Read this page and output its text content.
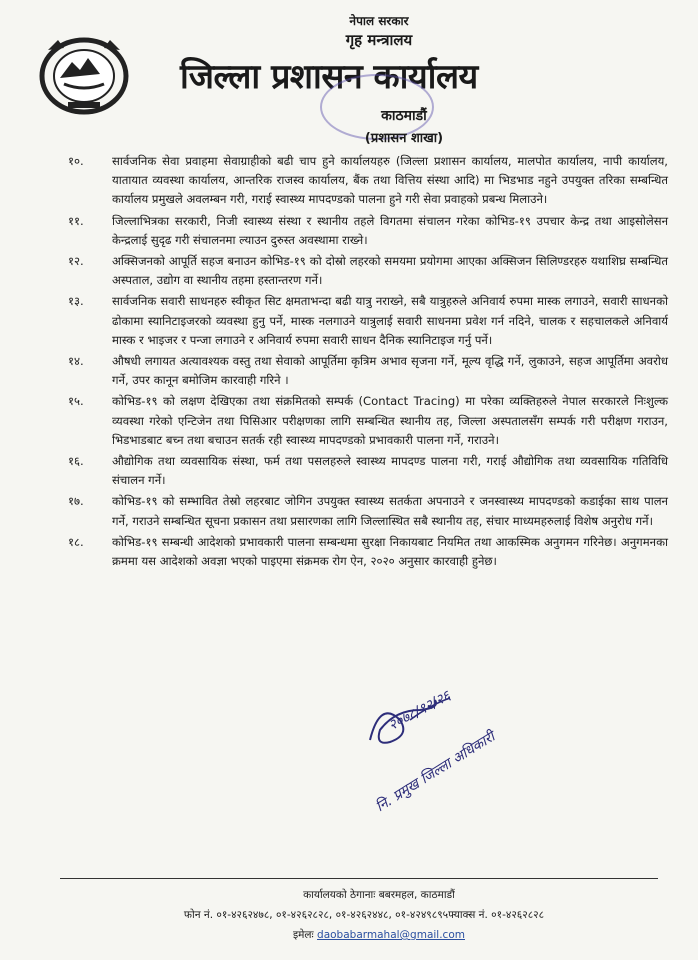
नेपाल सरकार
गृह मन्त्रालय
जिल्ला प्रशासन कार्यालय
काठमाडौं
(प्रशासन शाखा)
१०.	सार्वजनिक सेवा प्रवाहमा सेवाग्राहीको बढी चाप हुने कार्यालयहरु (जिल्ला प्रशासन कार्यालय, मालपोत कार्यालय, नापी कार्यालय, यातायात व्यवस्था कार्यालय, आन्तरिक राजस्व कार्यालय, बैंक तथा वित्तिय संस्था आदि) मा भिडभाड नहुने उपयुक्त तरिका सम्बन्धित कार्यालय प्रमुखले अवलम्बन गरी, गराई स्वास्थ्य मापदण्डको पालना हुने गरी सेवा प्रवाहको प्रबन्ध मिलाउने।
११.	जिल्लाभित्रका सरकारी, निजी स्वास्थ्य संस्था र स्थानीय तहले विगतमा संचालन गरेका कोभिड-१९ उपचार केन्द्र तथा आइसोलेसन केन्द्रलाई सुदृढ गरी संचालनमा ल्याउन दुरुस्त अवस्थामा राख्ने।
१२.	अक्सिजनको आपूर्ति सहज बनाउन कोभिड-१९ को दोस्रो लहरको समयमा प्रयोगमा आएका अक्सिजन सिलिण्डरहरु यथाशिघ्र सम्बन्धित अस्पताल, उद्योग वा स्थानीय तहमा हस्तान्तरण गर्ने।
१३.	सार्वजनिक सवारी साधनहरु स्वीकृत सिट क्षमताभन्दा बढी यात्रु नराख्ने, सबै यात्रुहरुले अनिवार्य रुपमा मास्क लगाउने, सवारी साधनको ढोकामा स्यानिटाइजरको व्यवस्था हुनु पर्ने, मास्क नलगाउने यात्रुलाई सवारी साधनमा प्रवेश गर्न नदिने, चालक र सहचालकले अनिवार्य मास्क र भाइजर र पन्जा लगाउने र अनिवार्य रुपमा सवारी साधन दैनिक स्यानिटाइज गर्नु पर्ने।
१४.	औषधी लगायत अत्यावश्यक वस्तु तथा सेवाको आपूर्तिमा कृत्रिम अभाव सृजना गर्ने, मूल्य वृद्धि गर्ने, लुकाउने, सहज आपूर्तिमा अवरोध गर्ने, उपर कानून बमोजिम कारवाही गरिने ।
१५.	कोभिड-१९ को लक्षण देखिएका तथा संक्रमितको सम्पर्क (Contact Tracing) मा परेका व्यक्तिहरुले नेपाल सरकारले निःशुल्क व्यवस्था गरेको एन्टिजेन तथा पिसिआर परीक्षणका लागि सम्बन्धित स्थानीय तह, जिल्ला अस्पतालसँग सम्पर्क गरी परीक्षण गराउन, भिडभाडबाट बच्न तथा बचाउन सतर्क रही स्वास्थ्य मापदण्डको प्रभावकारी पालना गर्ने, गराउने।
१६.	औद्योगिक तथा व्यवसायिक संस्था, फर्म तथा पसलहरुले स्वास्थ्य मापदण्ड पालना गरी, गराई औद्योगिक तथा व्यवसायिक गतिविधि संचालन गर्ने।
१७.	कोभिड-१९ को सम्भावित तेस्रो लहरबाट जोगिन उपयुक्त स्वास्थ्य सतर्कता अपनाउने र जनस्वास्थ्य मापदण्डको कडाईका साथ पालन गर्ने, गराउने सम्बन्धित सूचना प्रकासन तथा प्रसारणका लागि जिल्लास्थित सबै स्थानीय तह, संचार माध्यमहरुलाई विशेष अनुरोध गर्ने।
१८.	कोभिड-१९ सम्बन्धी आदेशको प्रभावकारी पालना सम्बन्धमा सुरक्षा निकायबाट नियमित तथा आकस्मिक अनुगमन गरिनेछ। अनुगमनका क्रममा यस आदेशको अवज्ञा भएको पाइएमा संक्रमक रोग ऐन, २०२० अनुसार कारवाही हुनेछ।
२०७८/१२/२६
नि. प्रमुख जिल्ला अधिकारी
कार्यालयको ठेगानाः बबरमहल, काठमाडौं
फोन नं. ०१-४२६२४७८, ०१-४२६२८२८, ०१-४२६२४४८, ०१-४२४९८९५फ्याक्स नं. ०१-४२६२८२८
इमेलः daobabarmahal@gmail.com
